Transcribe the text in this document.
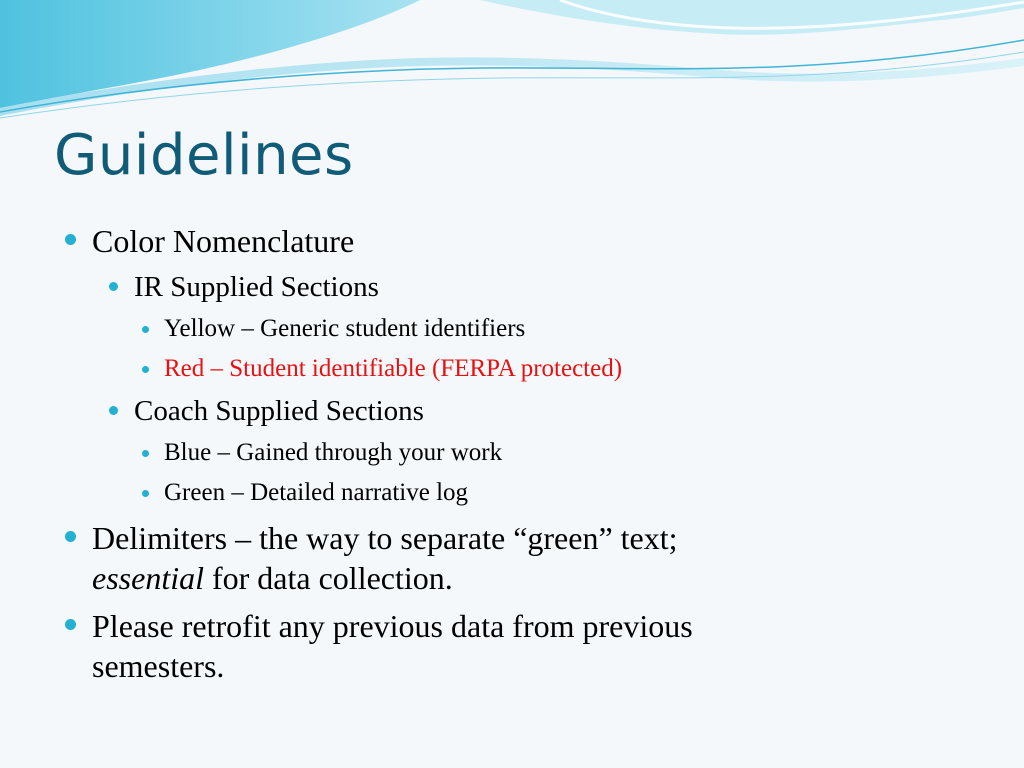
Guidelines
Color Nomenclature
IR Supplied Sections
Yellow – Generic student identifiers
Red – Student identifiable (FERPA protected)
Coach Supplied Sections
Blue – Gained through your work
Green – Detailed narrative log
Delimiters – the way to separate “green” text;
essential for data collection.
Please retrofit any previous data from previous
semesters.
